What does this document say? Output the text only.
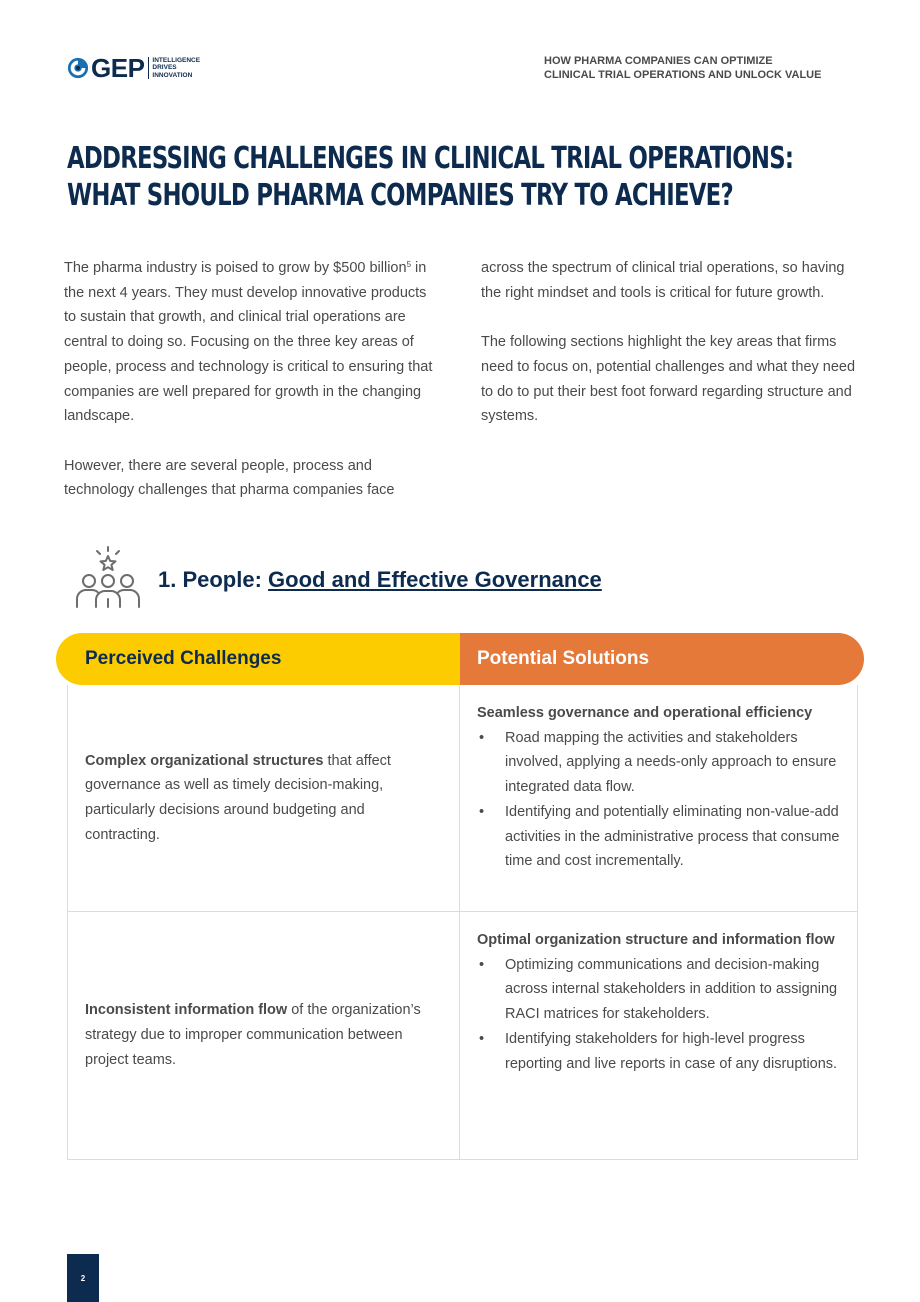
GEP INTELLIGENCE
DRIVES
INNOVATION
HOW PHARMA COMPANIES CAN OPTIMIZE
CLINICAL TRIAL OPERATIONS AND UNLOCK VALUE
ADDRESSING CHALLENGES IN CLINICAL TRIAL OPERATIONS:
WHAT SHOULD PHARMA COMPANIES TRY TO ACHIEVE?

The pharma industry is poised to grow by $500 billion$^5$ in the next 4 years. They must develop innovative products to sustain that growth, and clinical trial operations are central to doing so. Focusing on the three key areas of people, process and technology is critical to ensuring that companies are well prepared for growth in the changing landscape.

However, there are several people, process and technology challenges that pharma companies face

across the spectrum of clinical trial operations, so having the right mindset and tools is critical for future growth.

The following sections highlight the key areas that firms need to focus on, potential challenges and what they need to do to put their best foot forward regarding structure and systems.

1. People: Good and Effective Governance
Perceived Challenges	Potential Solutions
Complex organizational structures that affect governance as well as timely decision-making, particularly decisions around budgeting and contracting.
Seamless governance and operational efficiency
• Road mapping the activities and stakeholders involved, applying a needs-only approach to ensure integrated data flow.
• Identifying and potentially eliminating non-value-add activities in the administrative process that consume time and cost incrementally.
Inconsistent information flow of the organization’s strategy due to improper communication between project teams.
Optimal organization structure and information flow
• Optimizing communications and decision-making across internal stakeholders in addition to assigning RACI matrices for stakeholders.
• Identifying stakeholders for high-level progress reporting and live reports in case of any disruptions.
2
